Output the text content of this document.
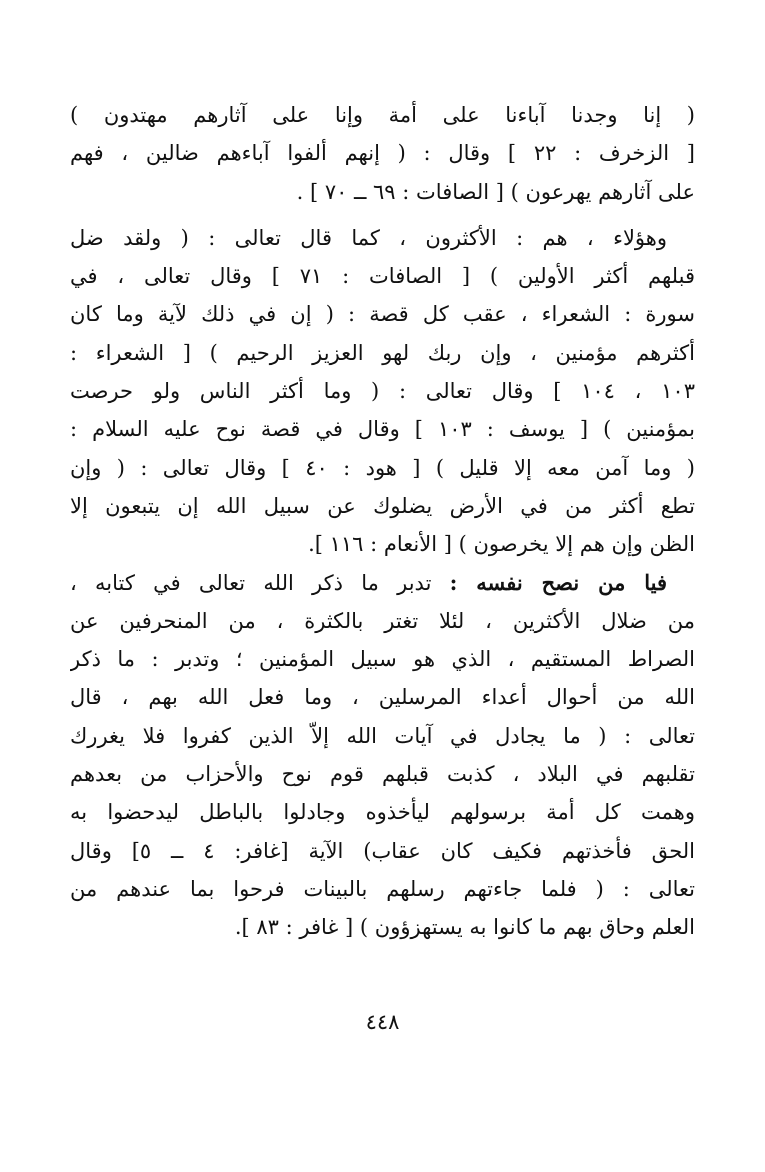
( إنا وجدنا آباءنا على أمة وإنا على آثارهم مهتدون )
[ الزخرف : ٢٢ ] وقال : ( إنهم ألفوا آباءهم ضالين ، فهم
على آثارهم يهرعون ) [ الصافات : ٦٩ ــ ٧٠ ] .
وهؤلاء ، هم : الأكثرون ، كما قال تعالى : ( ولقد ضل
قبلهم أكثر الأولين ) [ الصافات : ٧١ ] وقال تعالى ، في
سورة : الشعراء ، عقب كل قصة : ( إن في ذلك لآية وما كان
أكثرهم مؤمنين ، وإن ربك لهو العزيز الرحيم ) [ الشعراء :
١٠٣ ، ١٠٤ ] وقال تعالى : ( وما أكثر الناس ولو حرصت
بمؤمنين ) [ يوسف : ١٠٣ ] وقال في قصة نوح عليه السلام :
( وما آمن معه إلا قليل ) [ هود : ٤٠ ] وقال تعالى : ( وإن
تطع أكثر من في الأرض يضلوك عن سبيل الله إن يتبعون إلا
الظن وإن هم إلا يخرصون ) [ الأنعام : ١١٦ ].
فيا من نصح نفسه : تدبر ما ذكر الله تعالى في كتابه ،
من ضلال الأكثرين ، لئلا تغتر بالكثرة ، من المنحرفين عن
الصراط المستقيم ، الذي هو سبيل المؤمنين ؛ وتدبر : ما ذكر
الله من أحوال أعداء المرسلين ، وما فعل الله بهم ، قال
تعالى : ( ما يجادل في آيات الله إلاّ الذين كفروا فلا يغررك
تقلبهم في البلاد ، كذبت قبلهم قوم نوح والأحزاب من بعدهم
وهمت كل أمة برسولهم ليأخذوه وجادلوا بالباطل ليدحضوا به
الحق فأخذتهم فكيف كان عقاب) الآية [غافر: ٤ ــ ٥] وقال
تعالى : ( فلما جاءتهم رسلهم بالبينات فرحوا بما عندهم من
العلم وحاق بهم ما كانوا به يستهزؤون ) [ غافر : ٨٣ ].
٤٤٨
